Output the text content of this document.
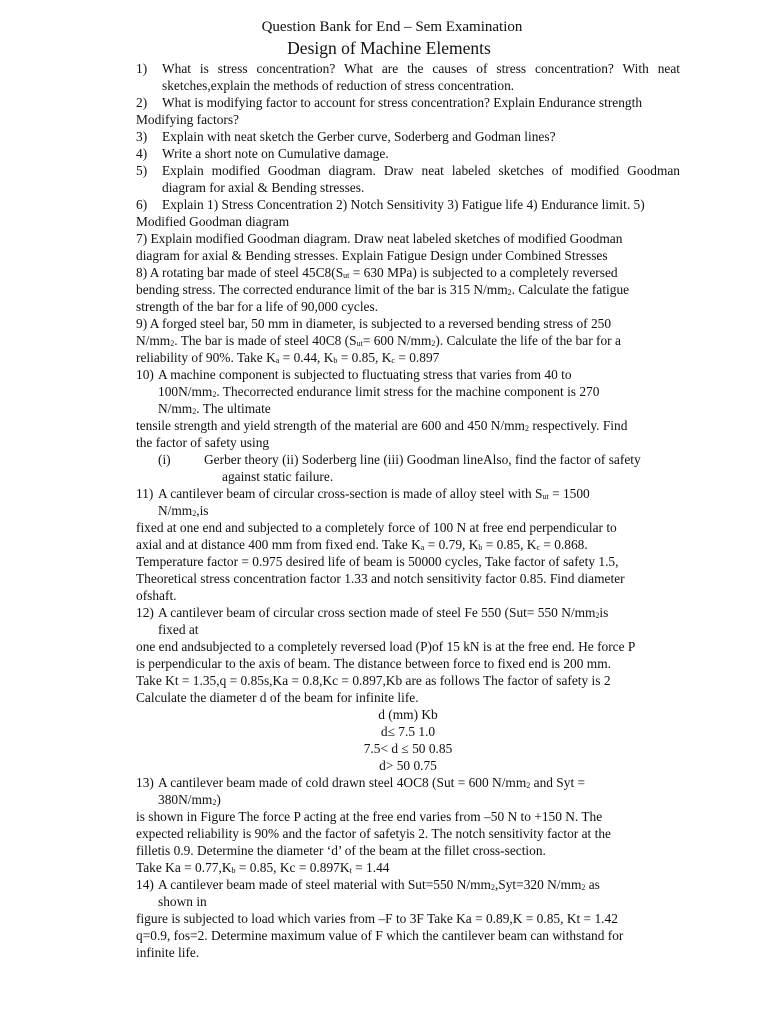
Question Bank for End – Sem Examination
Design of Machine Elements
1)	What is stress concentration? What are the causes of stress concentration? With neat sketches,explain the methods of reduction of stress concentration.
2)	What is modifying factor to account for stress concentration? Explain Endurance strength
Modifying factors?
3)	Explain with neat sketch the Gerber curve, Soderberg and Godman lines?
4)	Write a short note on Cumulative damage.
5)	Explain modified Goodman diagram. Draw neat labeled sketches of modified Goodman diagram for axial & Bending stresses.
6)	Explain 1) Stress Concentration 2) Notch Sensitivity 3) Fatigue life 4) Endurance limit. 5)
Modified Goodman diagram
7) Explain modified Goodman diagram. Draw neat labeled sketches of modified Goodman
diagram for axial & Bending stresses. Explain Fatigue Design under Combined Stresses
8) A rotating bar made of steel $45C8(S_{ut} = 630$ MPa) is subjected to a completely reversed
bending stress. The corrected endurance limit of the bar is 315 $N/mm_2$. Calculate the fatigue
strength of the bar for a life of 90,000 cycles.
9) A forged steel bar, 50 mm in diameter, is subjected to a reversed bending stress of 250
$N/mm_2$. The bar is made of steel 40C8 ($S_{ut}= 600$ $N/mm_2$). Calculate the life of the bar for a
reliability of 90%. Take $K_a = 0.44$, $K_b = 0.85$, $K_c = 0.897$
10) A machine component is subjected to fluctuating stress that varies from 40 to
$100N/mm_2$. Thecorrected endurance limit stress for the machine component is 270
$N/mm_2$. The ultimate
tensile strength and yield strength of the material are 600 and 450 $N/mm_2$ respectively. Find
the factor of safety using
(i)	Gerber theory (ii) Soderberg line (iii) Goodman lineAlso, find the factor of safety
against static failure.
11) A cantilever beam of circular cross-section is made of alloy steel with $S_{ut} = 1500$
$N/mm_2,is$
fixed at one end and subjected to a completely force of 100 N at free end perpendicular to
axial and at distance 400 mm from fixed end. Take $K_a = 0.79$, $K_b = 0.85$, $K_c = 0.868$.
Temperature factor = 0.975 desired life of beam is 50000 cycles, Take factor of safety 1.5,
Theoretical stress concentration factor 1.33 and notch sensitivity factor 0.85. Find diameter
ofshaft.
12) A cantilever beam of circular cross section made of steel Fe 550 (Sut= 550 $N/mm_2is$
fixed at
one end andsubjected to a completely reversed load (P)of 15 kN is at the free end. He force P
is perpendicular to the axis of beam. The distance between force to fixed end is 200 mm.
Take Kt = 1.35,q = 0.85s,Ka = 0.8,Kc = 0.897,Kb are as follows The factor of safety is 2
Calculate the diameter d of the beam for infinite life.
d (mm) Kb
d≤ 7.5 1.0
7.5< d ≤ 50 0.85
d> 50 0.75
13) A cantilever beam made of cold drawn steel 4OC8 (Sut = 600 $N/mm_2$ and Syt =
$380N/mm_2$)
is shown in Figure The force P acting at the free end varies from –50 N to +150 N. The
expected reliability is 90% and the factor of safetyis 2. The notch sensitivity factor at the
filletis 0.9. Determine the diameter ‘d’ of the beam at the fillet cross-section.
Take $Ka = 0.77,K_b = 0.85$, $Kc = 0.897K_t = 1.44$
14) A cantilever beam made of steel material with Sut=550 $N/mm_2,Syt=320$ $N/mm_2$ as
shown in
figure is subjected to load which varies from –F to 3F Take Ka = 0.89,K = 0.85, Kt = 1.42
q=0.9, fos=2. Determine maximum value of F which the cantilever beam can withstand for
infinite life.
